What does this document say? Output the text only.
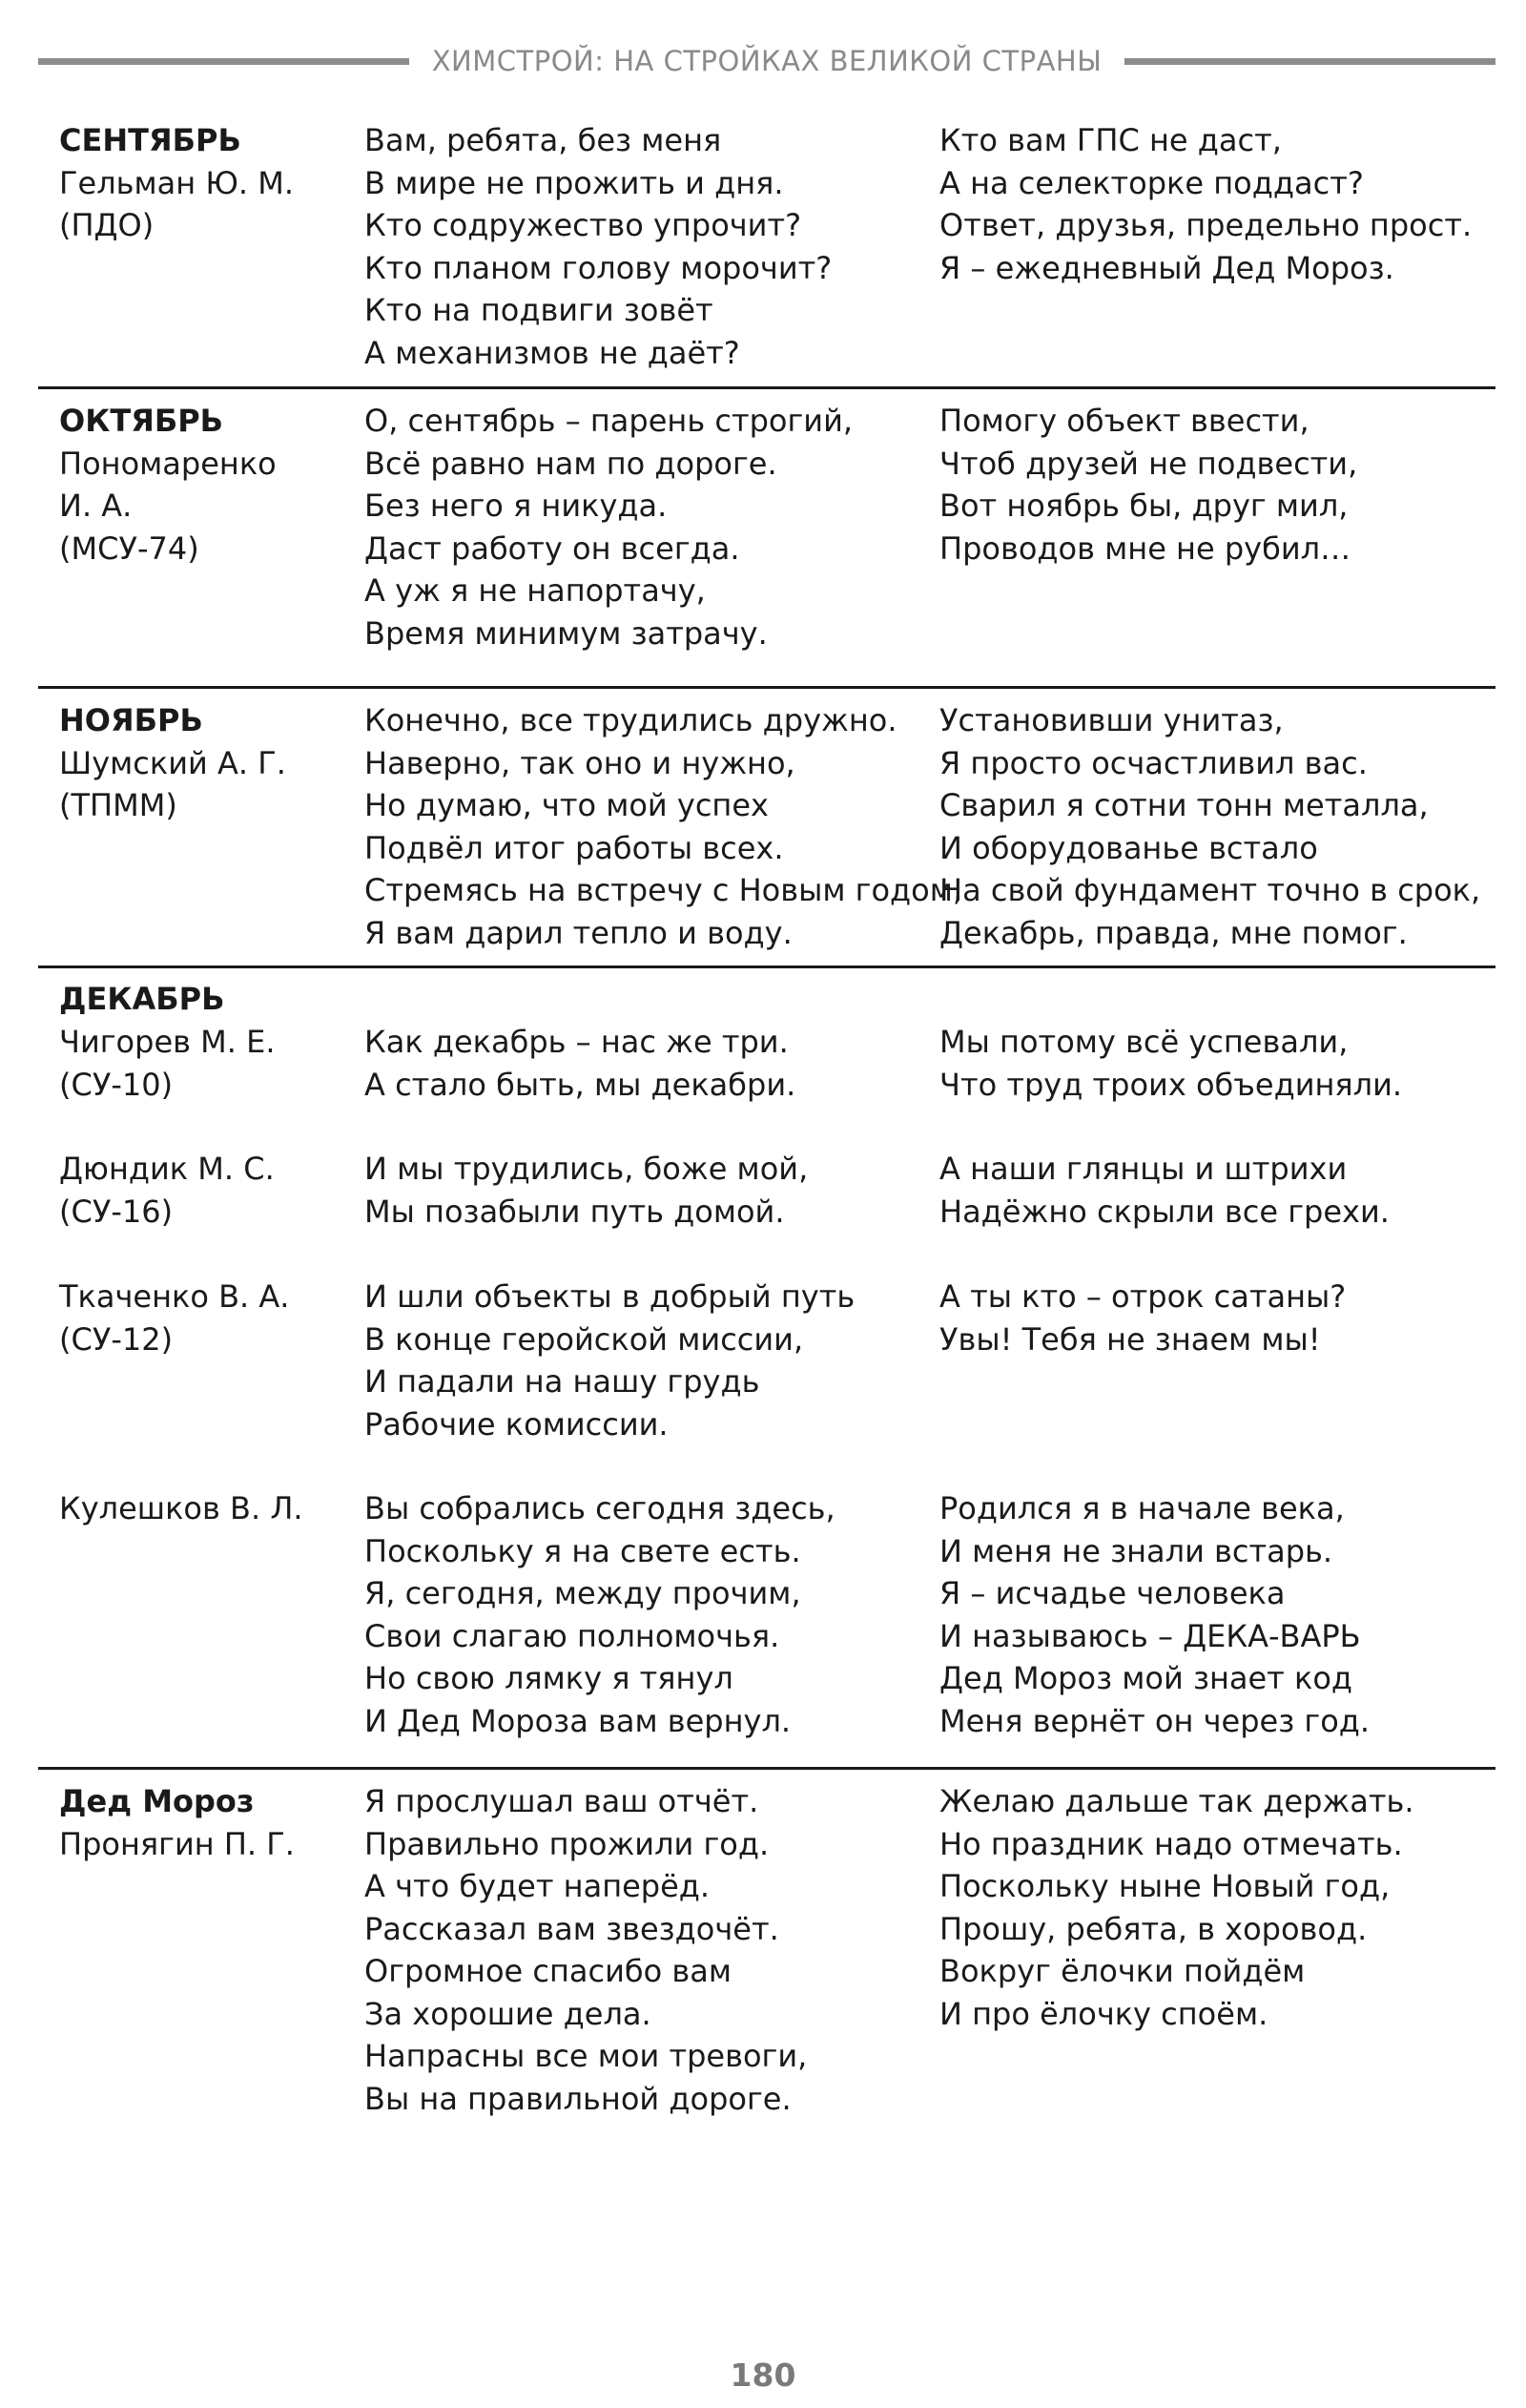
ХИМСТРОЙ: НА СТРОЙКАХ ВЕЛИКОЙ СТРАНЫ
СЕНТЯБРЬ
Гельман Ю. М.
(ПДО)
Вам, ребята, без меня
В мире не прожить и дня.
Кто содружество упрочит?
Кто планом голову морочит?
Кто на подвиги зовёт
А механизмов не даёт?
Кто вам ГПС не даст,
А на селекторке поддаст?
Ответ, друзья, предельно прост.
Я – ежедневный Дед Мороз.
ОКТЯБРЬ
Пономаренко
И. А.
(МСУ-74)
О, сентябрь – парень строгий,
Всё равно нам по дороге.
Без него я никуда.
Даст работу он всегда.
А уж я не напортачу,
Время минимум затрачу.
Помогу объект ввести,
Чтоб друзей не подвести,
Вот ноябрь бы, друг мил,
Проводов мне не рубил…
НОЯБРЬ
Шумский А. Г.
(ТПММ)
Конечно, все трудились дружно.
Наверно, так оно и нужно,
Но думаю, что мой успех
Подвёл итог работы всех.
Стремясь на встречу с Новым годом,
Я вам дарил тепло и воду.
Установивши унитаз,
Я просто осчастливил вас.
Сварил я сотни тонн металла,
И оборудованье встало
На свой фундамент точно в срок,
Декабрь, правда, мне помог.
ДЕКАБРЬ
Чигорев М. Е.
(СУ-10)
Как декабрь – нас же три.
А стало быть, мы декабри.
Мы потому всё успевали,
Что труд троих объединяли.
Дюндик М. С.
(СУ-16)
И мы трудились, боже мой,
Мы позабыли путь домой.
А наши глянцы и штрихи
Надёжно скрыли все грехи.
Ткаченко В. А.
(СУ-12)
И шли объекты в добрый путь
В конце геройской миссии,
И падали на нашу грудь
Рабочие комиссии.
А ты кто – отрок сатаны?
Увы! Тебя не знаем мы!
Кулешков В. Л.	Вы собрались сегодня здесь,
Поскольку я на свете есть.
Я, сегодня, между прочим,
Свои слагаю полномочья.
Но свою лямку я тянул
И Дед Мороза вам вернул.
Родился я в начале века,
И меня не знали встарь.
Я – исчадье человека
И называюсь – ДЕКА-ВАРЬ
Дед Мороз мой знает код
Меня вернёт он через год.
Дед Мороз
Пронягин П. Г.
Я прослушал ваш отчёт.
Правильно прожили год.
А что будет наперёд.
Рассказал вам звездочёт.
Огромное спасибо вам
За хорошие дела.
Напрасны все мои тревоги,
Вы на правильной дороге.
Желаю дальше так держать.
Но праздник надо отмечать.
Поскольку ныне Новый год,
Прошу, ребята, в хоровод.
Вокруг ёлочки пойдём
И про ёлочку споём.
180
